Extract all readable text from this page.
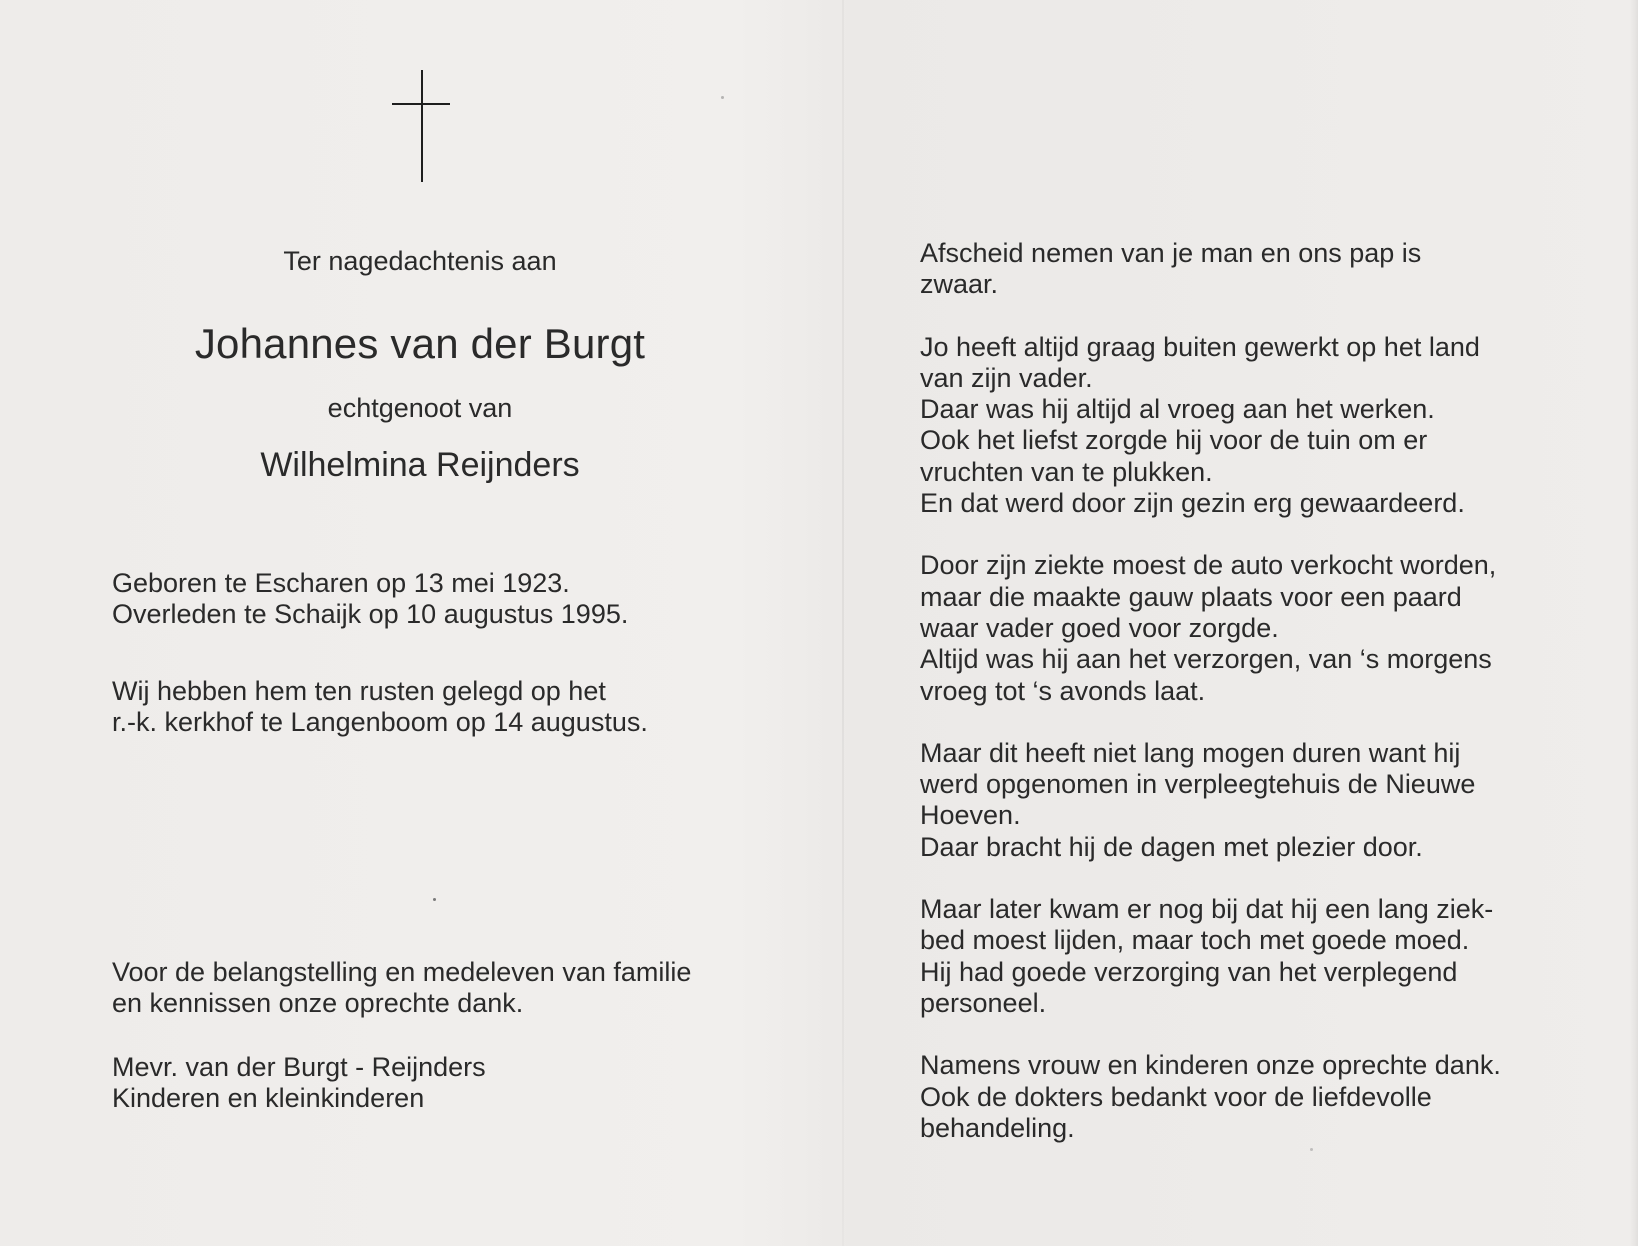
Ter nagedachtenis aan
Johannes van der Burgt
echtgenoot van
Wilhelmina Reijnders
Geboren te Escharen op 13 mei 1923.
Overleden te Schaijk op 10 augustus 1995.
Wij hebben hem ten rusten gelegd op het
r.-k. kerkhof te Langenboom op 14 augustus.
Voor de belangstelling en medeleven van familie
en kennissen onze oprechte dank.
Mevr. van der Burgt - Reijnders
Kinderen en kleinkinderen
Afscheid nemen van je man en ons pap is
zwaar.
Jo heeft altijd graag buiten gewerkt op het land
van zijn vader.
Daar was hij altijd al vroeg aan het werken.
Ook het liefst zorgde hij voor de tuin om er
vruchten van te plukken.
En dat werd door zijn gezin erg gewaardeerd.
Door zijn ziekte moest de auto verkocht worden,
maar die maakte gauw plaats voor een paard
waar vader goed voor zorgde.
Altijd was hij aan het verzorgen, van ‘s morgens
vroeg tot ‘s avonds laat.
Maar dit heeft niet lang mogen duren want hij
werd opgenomen in verpleegtehuis de Nieuwe
Hoeven.
Daar bracht hij de dagen met plezier door.
Maar later kwam er nog bij dat hij een lang ziek-
bed moest lijden, maar toch met goede moed.
Hij had goede verzorging van het verplegend
personeel.
Namens vrouw en kinderen onze oprechte dank.
Ook de dokters bedankt voor de liefdevolle
behandeling.
